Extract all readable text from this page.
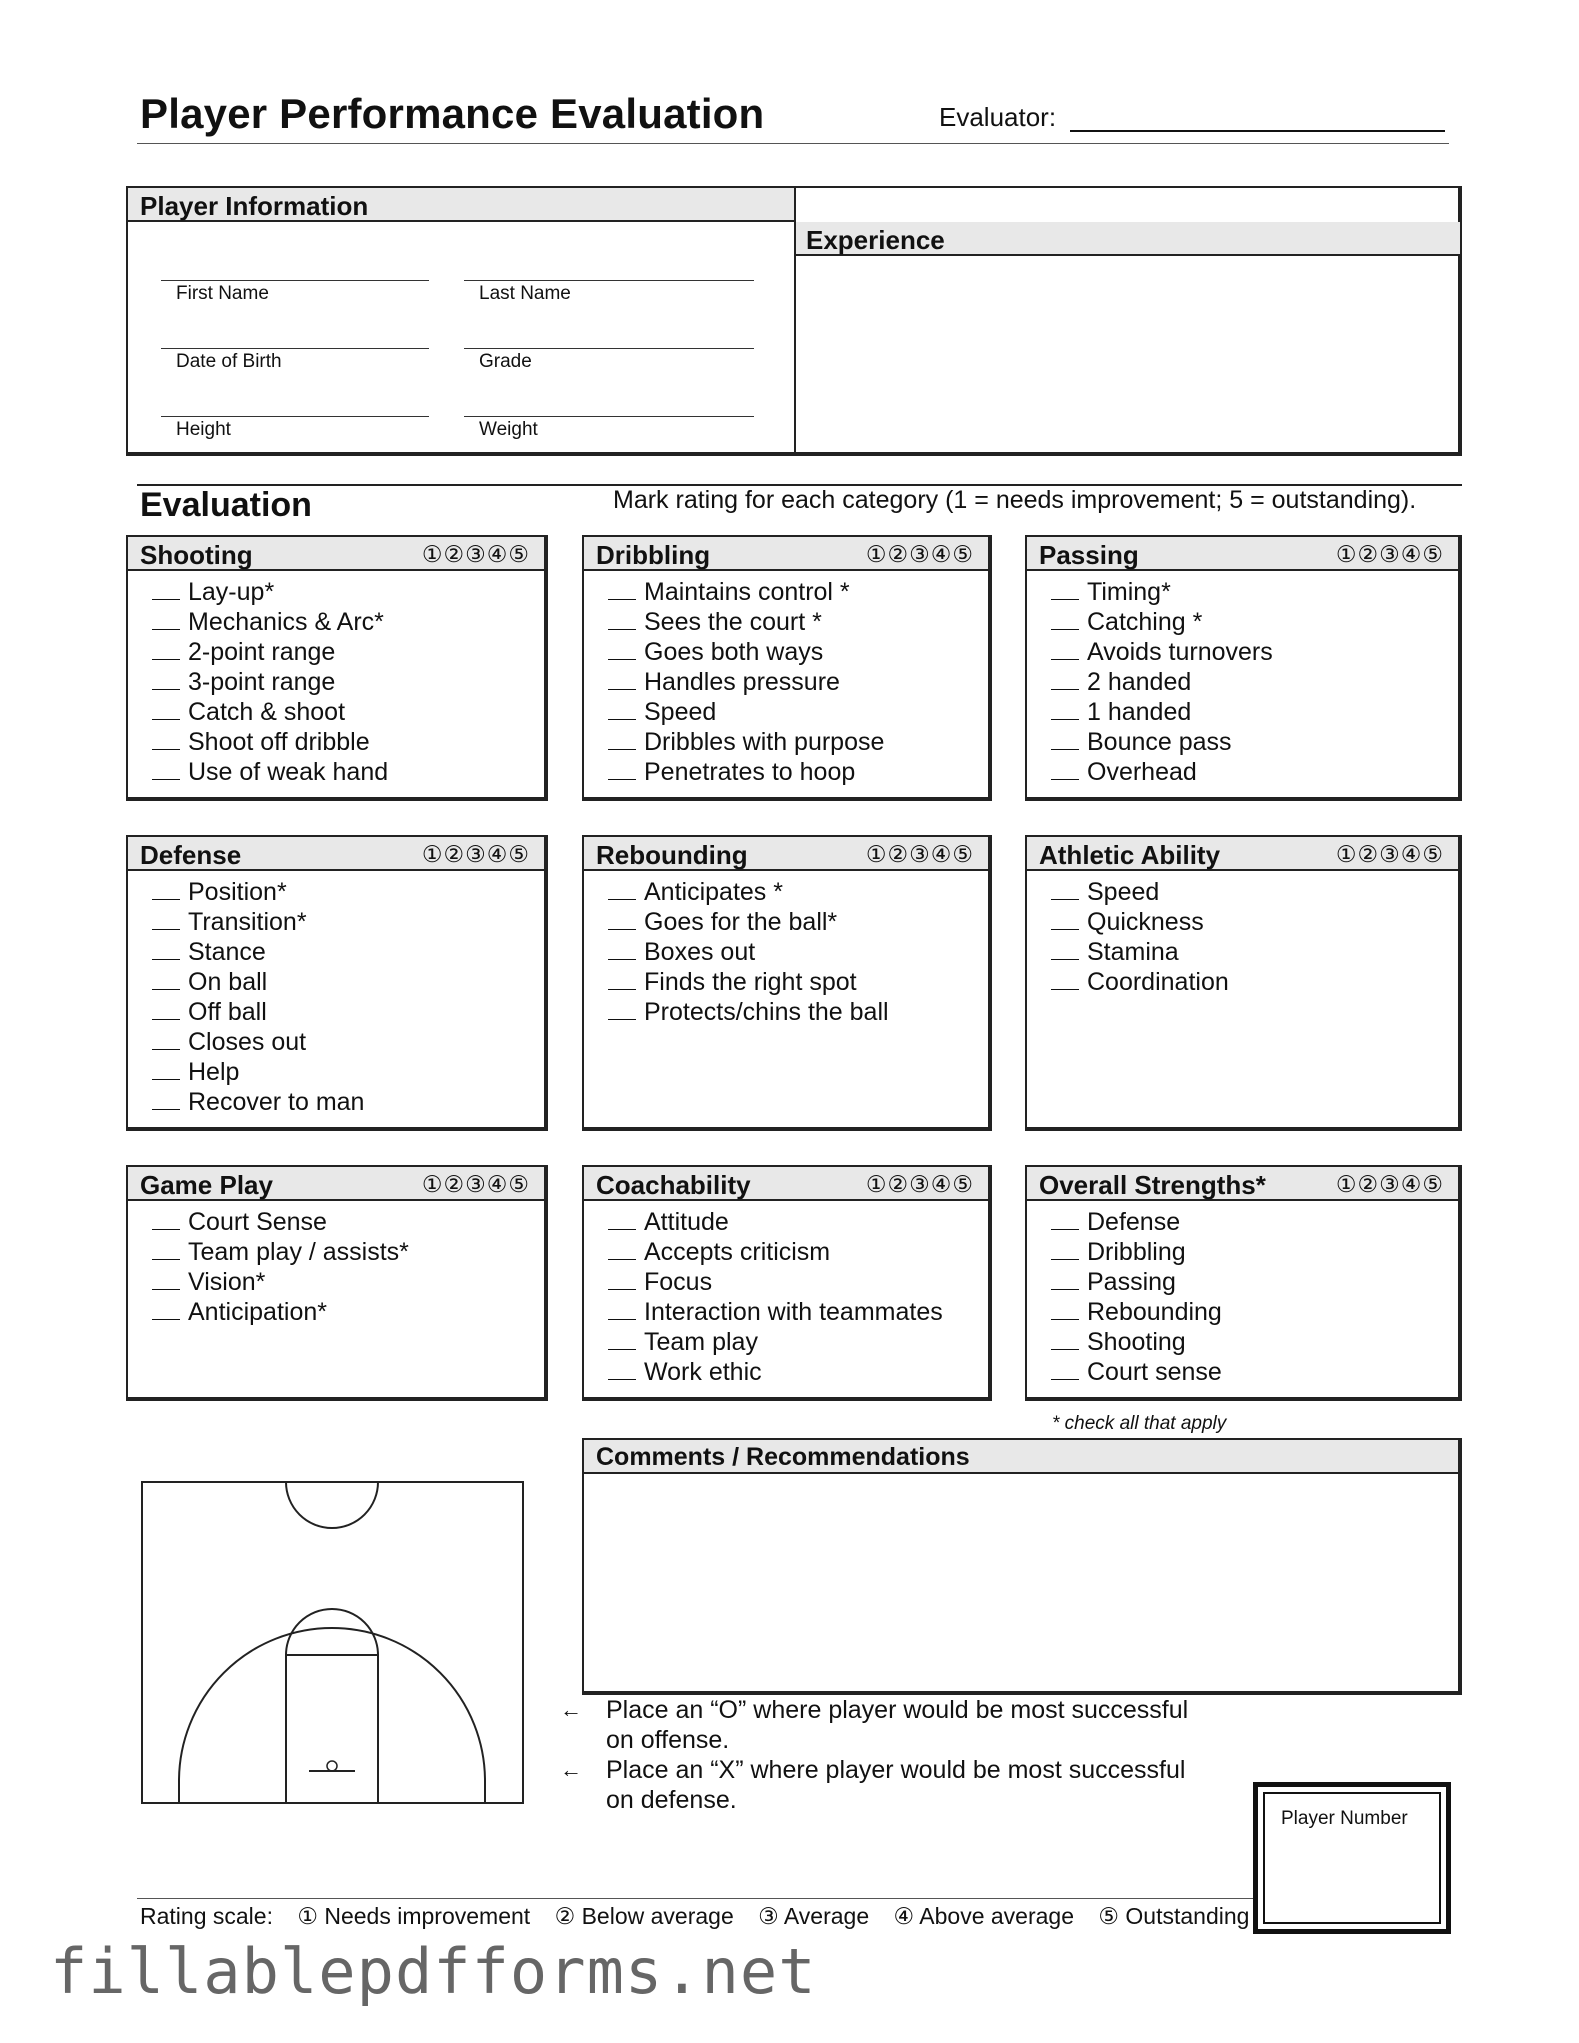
Player Performance Evaluation	Evaluator:
Player Information
Experience
First Name	Last Name
Date of Birth	Grade
Height	Weight
Evaluation	Mark rating for each category (1 = needs improvement; 5 = outstanding).
Shooting	①②③④⑤
Lay-up*
Mechanics & Arc*
2-point range
3-point range
Catch & shoot
Shoot off dribble
Use of weak hand
Dribbling	①②③④⑤
Maintains control *
Sees the court *
Goes both ways
Handles pressure
Speed
Dribbles with purpose
Penetrates to hoop
Passing	①②③④⑤
Timing*
Catching *
Avoids turnovers
2 handed
1 handed
Bounce pass
Overhead
Defense	①②③④⑤
Position*
Transition*
Stance
On ball
Off ball
Closes out
Help
Recover to man
Rebounding	①②③④⑤
Anticipates *
Goes for the ball*
Boxes out
Finds the right spot
Protects/chins the ball
Athletic Ability	①②③④⑤
Speed
Quickness
Stamina
Coordination
Game Play	①②③④⑤
Court Sense
Team play / assists*
Vision*
Anticipation*
Coachability	①②③④⑤
Attitude
Accepts criticism
Focus
Interaction with teammates
Team play
Work ethic
Overall Strengths*	①②③④⑤
Defense
Dribbling
Passing
Rebounding
Shooting
Court sense
* check all that apply
Comments / Recommendations
← Place an “O” where player would be most successful
on offense.
← Place an “X” where player would be most successful
on defense.
Player Number
Rating scale: ① Needs improvement ② Below average ③ Average ④ Above average ⑤ Outstanding
fillablepdfforms.net
